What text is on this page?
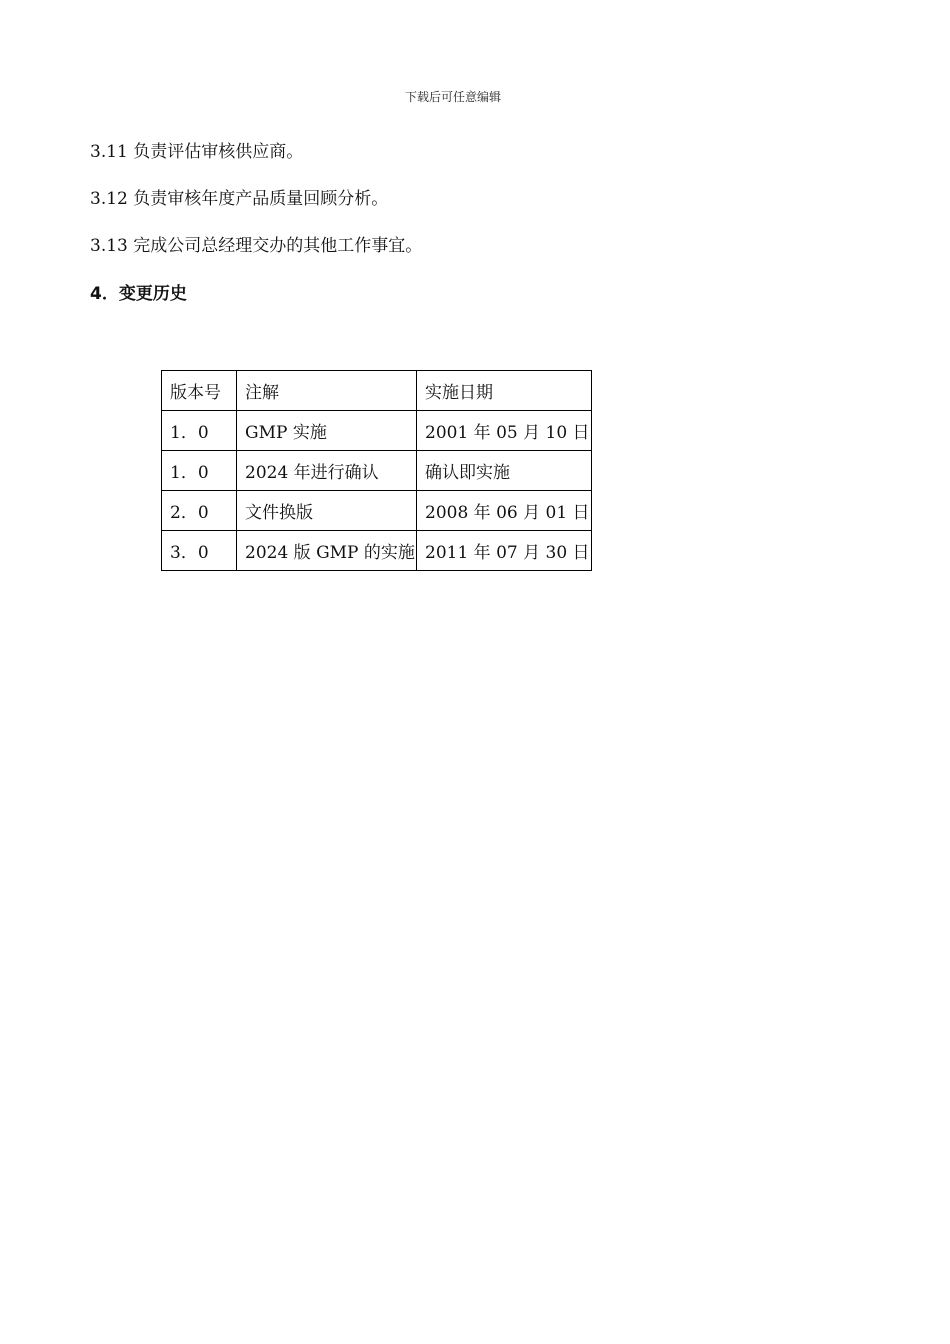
下载后可任意编辑
3.11 负责评估审核供应商。
3.12 负责审核年度产品质量回顾分析。
3.13 完成公司总经理交办的其他工作事宜。
4．变更历史
版本号	注解	实施日期
1．0	GMP 实施	2001 年 05 月 10 日
1．0	2024 年进行确认	确认即实施
2．0	文件换版	2008 年 06 月 01 日
3．0	2024 版 GMP 的实施	2011 年 07 月 30 日
